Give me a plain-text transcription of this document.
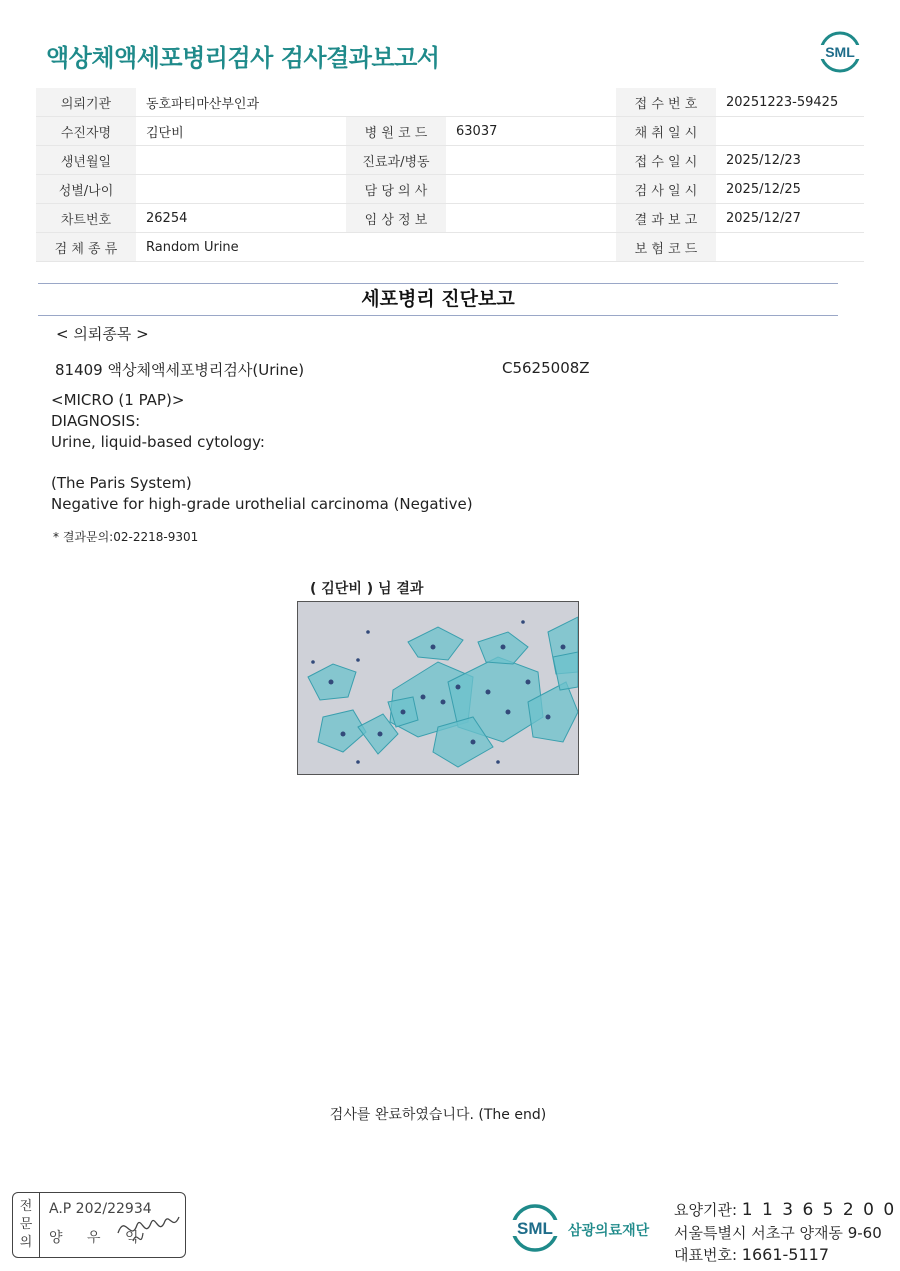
액상체액세포병리검사 검사결과보고서	SML
의뢰기관	동호파티마산부인과			접 수 번 호	20251223-59425
수진자명	김단비	병 원 코 드	63037	채 취 일 시	
생년월일		진료과/병동		접 수 일 시	2025/12/23
성별/나이		담 당 의 사		검 사 일 시	2025/12/25
차트번호	26254	임 상 정 보		결 과 보 고	2025/12/27
검 체 종 류	Random Urine			보 험 코 드	
세포병리 진단보고
< 의뢰종목 >
81409 액상체액세포병리검사(Urine)	C5625008Z
<MICRO (1 PAP)>
DIAGNOSIS:
Urine, liquid-based cytology:
(The Paris System)
Negative for high-grade urothelial carcinoma (Negative)
* 결과문의:02-2218-9301
( 김단비 ) 님 결과
검사를 완료하였습니다. (The end)
전
문
의
A.P 202/22934
양 우 익	SML 삼광의료재단
요양기관: 1 1 3 6 5 2 0 0
서울특별시 서초구 양재동 9-60
대표번호: 1661-5117
